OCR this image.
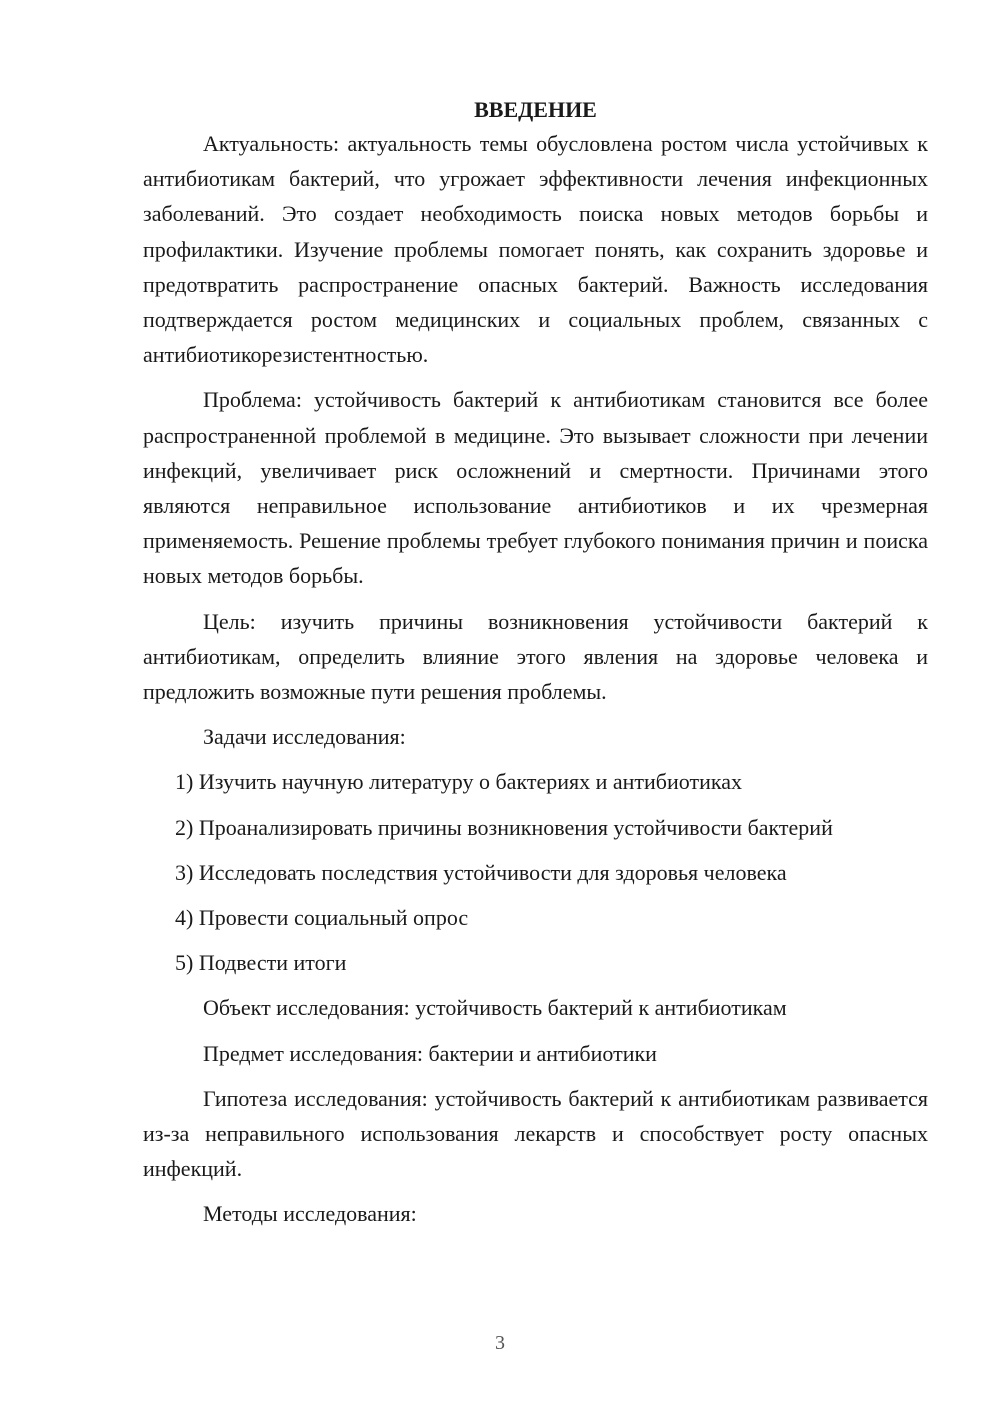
ВВЕДЕНИЕ

Актуальность: актуальность темы обусловлена ростом числа устойчивых к антибиотикам бактерий, что угрожает эффективности лечения инфекционных заболеваний. Это создает необходимость поиска новых методов борьбы и профилактики. Изучение проблемы помогает понять, как сохранить здоровье и предотвратить распространение опасных бактерий. Важность исследования подтверждается ростом медицинских и социальных проблем, связанных с антибиотикорезистентностью.

Проблема: устойчивость бактерий к антибиотикам становится все более распространенной проблемой в медицине. Это вызывает сложности при лечении инфекций, увеличивает риск осложнений и смертности. Причинами этого являются неправильное использование антибиотиков и их чрезмерная применяемость. Решение проблемы требует глубокого понимания причин и поиска новых методов борьбы.

Цель: изучить причины возникновения устойчивости бактерий к антибиотикам, определить влияние этого явления на здоровье человека и предложить возможные пути решения проблемы.

Задачи исследования:

1) Изучить научную литературу о бактериях и антибиотиках
2) Проанализировать причины возникновения устойчивости бактерий
3) Исследовать последствия устойчивости для здоровья человека
4) Провести социальный опрос
5) Подвести итоги

Объект исследования: устойчивость бактерий к антибиотикам

Предмет исследования: бактерии и антибиотики

Гипотеза исследования: устойчивость бактерий к антибиотикам развивается из-за неправильного использования лекарств и способствует росту опасных инфекций.

Методы исследования:

3
